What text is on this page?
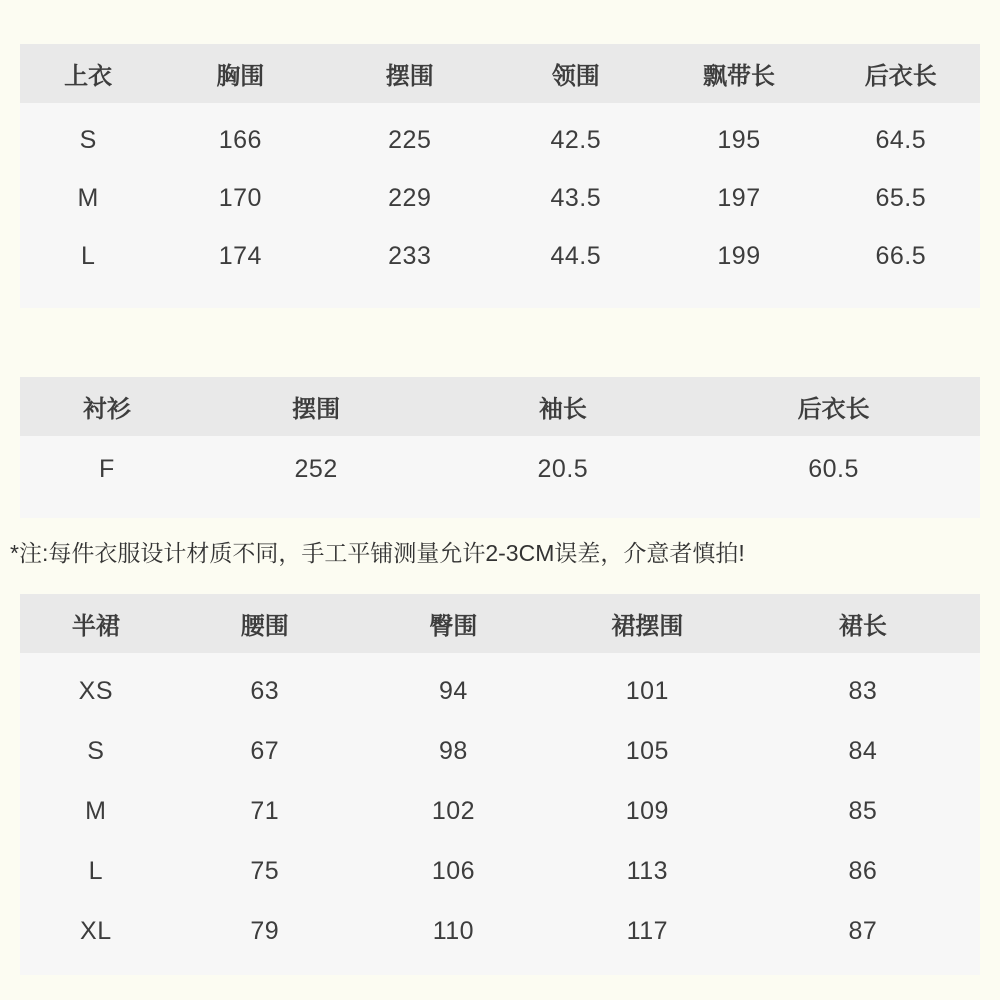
上衣	胸围	摆围	领围	飘带长	后衣长
S	166	225	42.5	195	64.5
M	170	229	43.5	197	65.5
L	174	233	44.5	199	66.5
衬衫	摆围	袖长	后衣长
F	252	20.5	60.5
*注:每件衣服设计材质不同，手工平铺测量允许2-3CM误差，介意者慎拍!
半裙	腰围	臀围	裙摆围	裙长
XS	63	94	101	83
S	67	98	105	84
M	71	102	109	85
L	75	106	113	86
XL	79	110	117	87
